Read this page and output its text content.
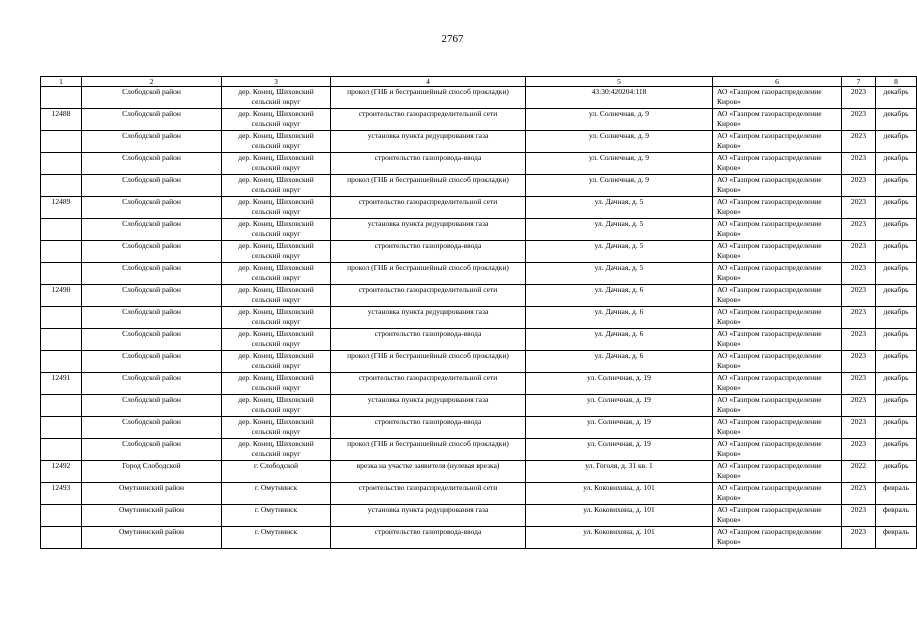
2767
1	2	3	4	5	6	7	8
	Слободской район	дер. Конец, Шиховский
сельский округ	прокол (ГНБ и бестраншейный способ прокладки)	43:30:420204:118	АО «Газпром газораспределение Киров»	2023	декабрь
12488	Слободской район	дер. Конец, Шиховский
сельский округ	строительство газораспределительной сети	ул. Солнечная, д. 9	АО «Газпром газораспределение Киров»	2023	декабрь
	Слободской район	дер. Конец, Шиховский
сельский округ	установка пункта редуцирования газа	ул. Солнечная, д. 9	АО «Газпром газораспределение Киров»	2023	декабрь
	Слободской район	дер. Конец, Шиховский
сельский округ	строительство газопровода-ввода	ул. Солнечная, д. 9	АО «Газпром газораспределение Киров»	2023	декабрь
	Слободской район	дер. Конец, Шиховский
сельский округ	прокол (ГНБ и бестраншейный способ прокладки)	ул. Солнечная, д. 9	АО «Газпром газораспределение Киров»	2023	декабрь
12489	Слободской район	дер. Конец, Шиховский
сельский округ	строительство газораспределительной сети	ул. Дачная, д. 5	АО «Газпром газораспределение Киров»	2023	декабрь
	Слободской район	дер. Конец, Шиховский
сельский округ	установка пункта редуцирования газа	ул. Дачная, д. 5	АО «Газпром газораспределение Киров»	2023	декабрь
	Слободской район	дер. Конец, Шиховский
сельский округ	строительство газопровода-ввода	ул. Дачная, д. 5	АО «Газпром газораспределение Киров»	2023	декабрь
	Слободской район	дер. Конец, Шиховский
сельский округ	прокол (ГНБ и бестраншейный способ прокладки)	ул. Дачная, д. 5	АО «Газпром газораспределение Киров»	2023	декабрь
12490	Слободской район	дер. Конец, Шиховский
сельский округ	строительство газораспределительной сети	ул. Дачная, д. 6	АО «Газпром газораспределение Киров»	2023	декабрь
	Слободской район	дер. Конец, Шиховский
сельский округ	установка пункта редуцирования газа	ул. Дачная, д. 6	АО «Газпром газораспределение Киров»	2023	декабрь
	Слободской район	дер. Конец, Шиховский
сельский округ	строительство газопровода-ввода	ул. Дачная, д. 6	АО «Газпром газораспределение Киров»	2023	декабрь
	Слободской район	дер. Конец, Шиховский
сельский округ	прокол (ГНБ и бестраншейный способ прокладки)	ул. Дачная, д. 6	АО «Газпром газораспределение Киров»	2023	декабрь
12491	Слободской район	дер. Конец, Шиховский
сельский округ	строительство газораспределительной сети	ул. Солнечная, д. 19	АО «Газпром газораспределение Киров»	2023	декабрь
	Слободской район	дер. Конец, Шиховский
сельский округ	установка пункта редуцирования газа	ул. Солнечная, д. 19	АО «Газпром газораспределение Киров»	2023	декабрь
	Слободской район	дер. Конец, Шиховский
сельский округ	строительство газопровода-ввода	ул. Солнечная, д. 19	АО «Газпром газораспределение Киров»	2023	декабрь
	Слободской район	дер. Конец, Шиховский
сельский округ	прокол (ГНБ и бестраншейный способ прокладки)	ул. Солнечная, д. 19	АО «Газпром газораспределение Киров»	2023	декабрь
12492	Город Слободской	г. Слободской	врезка на участке заявителя (нулевая врезка)	ул. Гоголя, д. 31 кв. 1	АО «Газпром газораспределение Киров»	2022	декабрь
12493	Омутнинский район	г. Омутнинск	строительство газораспределительной сети	ул. Коковихина, д. 101	АО «Газпром газораспределение Киров»	2023	февраль
	Омутнинский район	г. Омутнинск	установка пункта редуцирования газа	ул. Коковихина, д. 101	АО «Газпром газораспределение Киров»	2023	февраль
	Омутнинский район	г. Омутнинск	строительство газопровода-ввода	ул. Коковихина, д. 101	АО «Газпром газораспределение Киров»	2023	февраль
